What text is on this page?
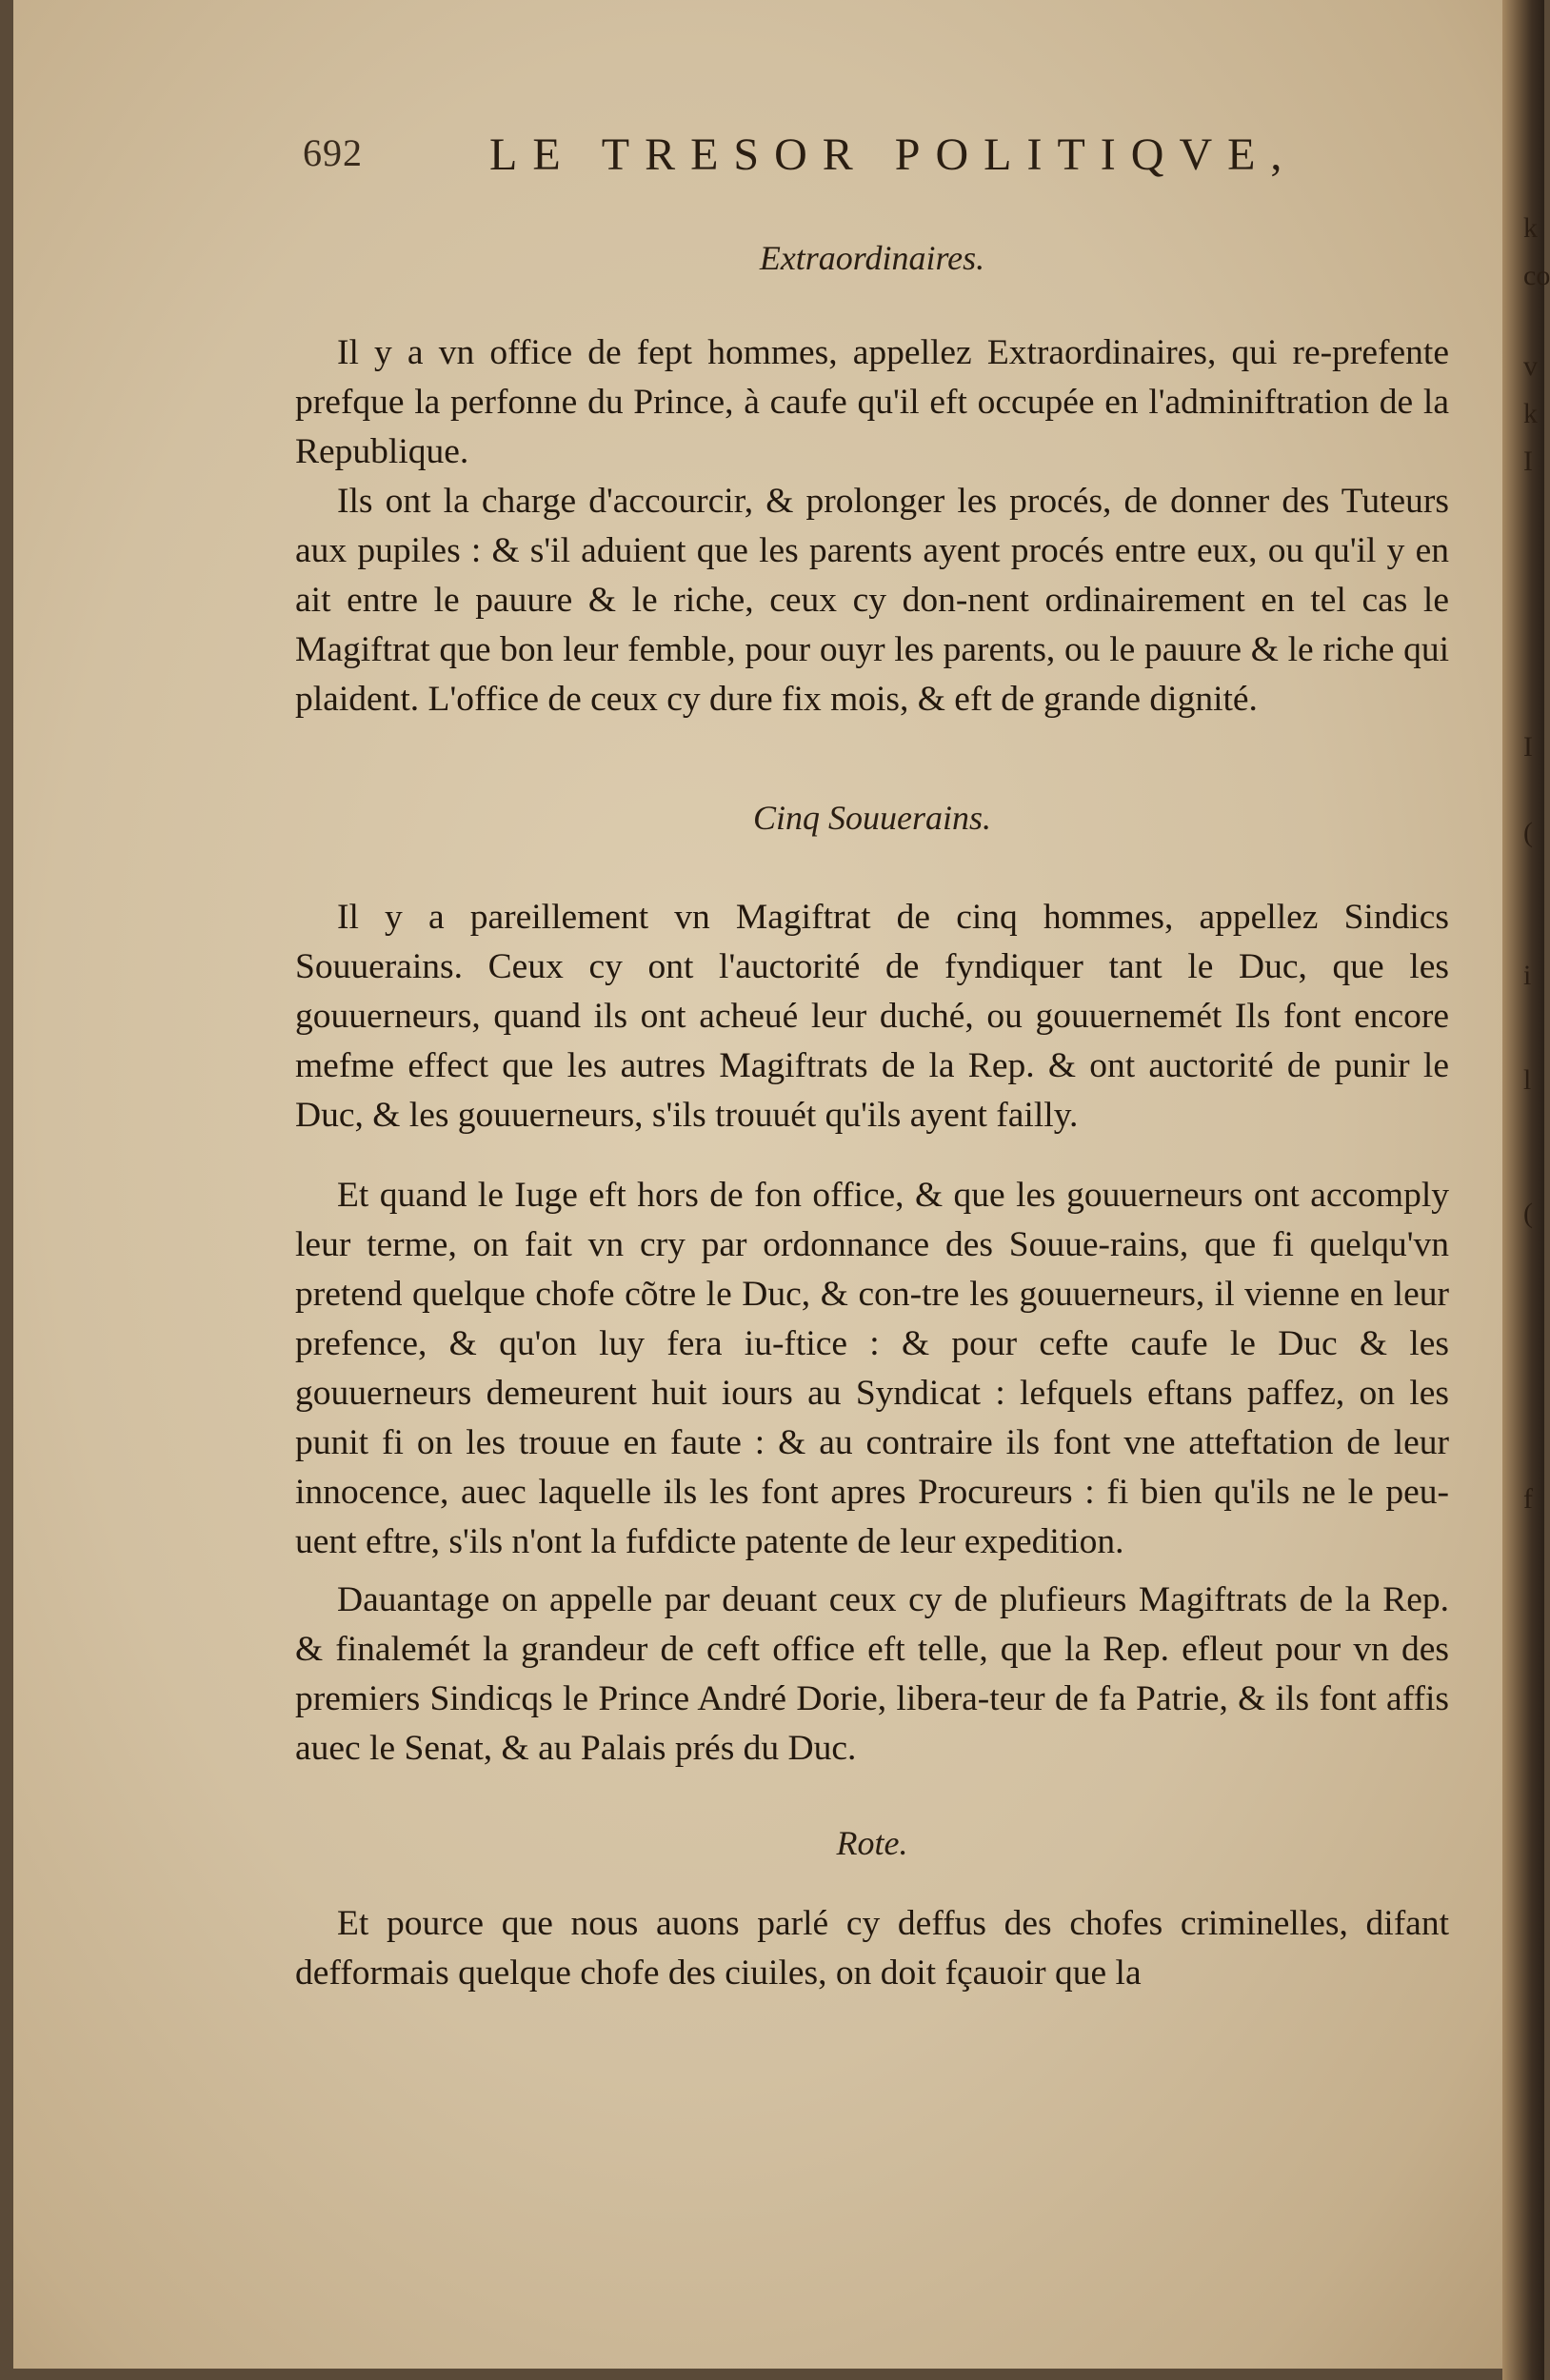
k
co
v
k
I
I
(
i
l
(
f
692	LE TRESOR POLITIQVE,
Extraordinaires.

Il y a vn office de fept hommes, appellez Extraordinaires, qui re-prefente prefque la perfonne du Prince, à caufe qu'il eft occupée en l'adminiftration de la Republique.

Ils ont la charge d'accourcir, & prolonger les procés, de donner des Tuteurs aux pupiles : & s'il aduient que les parents ayent procés entre eux, ou qu'il y en ait entre le pauure & le riche, ceux cy don-nent ordinairement en tel cas le Magiftrat que bon leur femble, pour ouyr les parents, ou le pauure & le riche qui plaident. L'office de ceux cy dure fix mois, & eft de grande dignité.

Cinq Souuerains.

Il y a pareillement vn Magiftrat de cinq hommes, appellez Sindics Souuerains. Ceux cy ont l'auctorité de fyndiquer tant le Duc, que les gouuerneurs, quand ils ont acheué leur duché, ou gouuernemét Ils font encore mefme effect que les autres Magiftrats de la Rep. & ont auctorité de punir le Duc, & les gouuerneurs, s'ils trouuét qu'ils ayent failly.

Et quand le Iuge eft hors de fon office, & que les gouuerneurs ont accomply leur terme, on fait vn cry par ordonnance des Souue-rains, que fi quelqu'vn pretend quelque chofe cõtre le Duc, & con-tre les gouuerneurs, il vienne en leur prefence, & qu'on luy fera iu-ftice : & pour cefte caufe le Duc & les gouuerneurs demeurent huit iours au Syndicat : lefquels eftans paffez, on les punit fi on les trouue en faute : & au contraire ils font vne atteftation de leur innocence, auec laquelle ils les font apres Procureurs : fi bien qu'ils ne le peu-uent eftre, s'ils n'ont la fufdicte patente de leur expedition.

Dauantage on appelle par deuant ceux cy de plufieurs Magiftrats de la Rep. & finalemét la grandeur de ceft office eft telle, que la Rep. efleut pour vn des premiers Sindicqs le Prince André Dorie, libera-teur de fa Patrie, & ils font affis auec le Senat, & au Palais prés du Duc.

Rote.

Et pource que nous auons parlé cy deffus des chofes criminelles, difant defformais quelque chofe des ciuiles, on doit fçauoir que la
